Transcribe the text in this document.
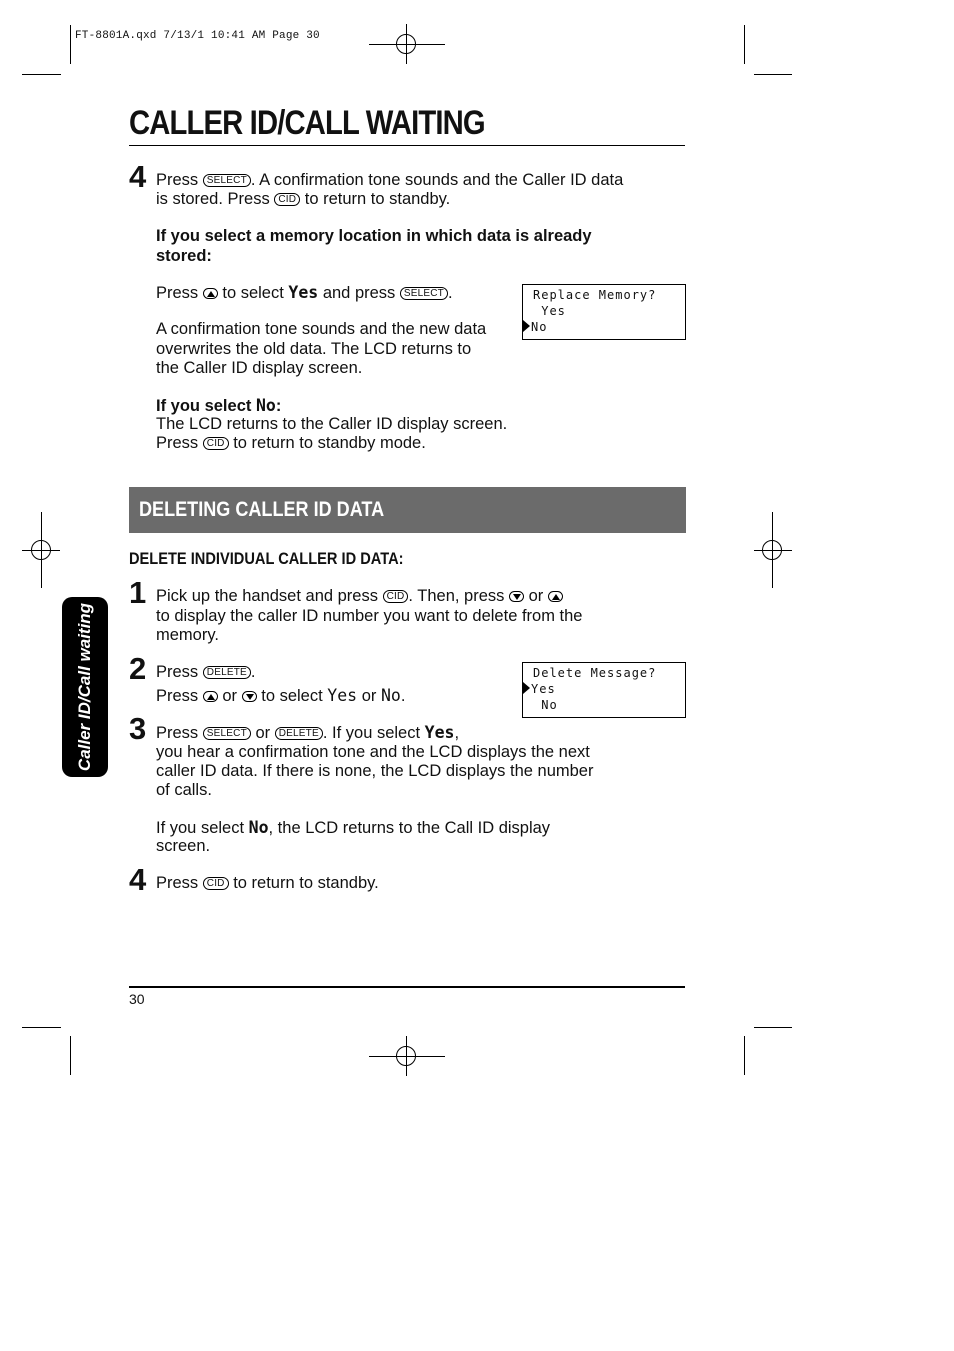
FT-8801A.qxd 7/13/1 10:41 AM Page 30
CALLER ID/CALL WAITING
4 Press SELECT . A confirmation tone sounds and the Caller ID data
is stored. Press CID to return to standby.
If you select a memory location in which data is already
stored:
Press to select Yes and press SELECT .
A confirmation tone sounds and the new data
overwrites the old data. The LCD returns to
the Caller ID display screen.
Replace Memory?
Yes
No
If you select No:
The LCD returns to the Caller ID display screen.
Press CID to return to standby mode.
DELETING CALLER ID DATA
DELETE INDIVIDUAL CALLER ID DATA:
Caller ID/Call waiting
1 Pick up the handset and press CID . Then, press or
to display the caller ID number you want to delete from the
memory.
2 Press DELETE .
Press or to select Yes or No.
Delete Message?
Yes
No
3 Press SELECT or DELETE . If you select Yes,
you hear a confirmation tone and the LCD displays the next
caller ID data. If there is none, the LCD displays the number
of calls.
If you select No, the LCD returns to the Call ID display
screen.
4 Press CID to return to standby.
30
